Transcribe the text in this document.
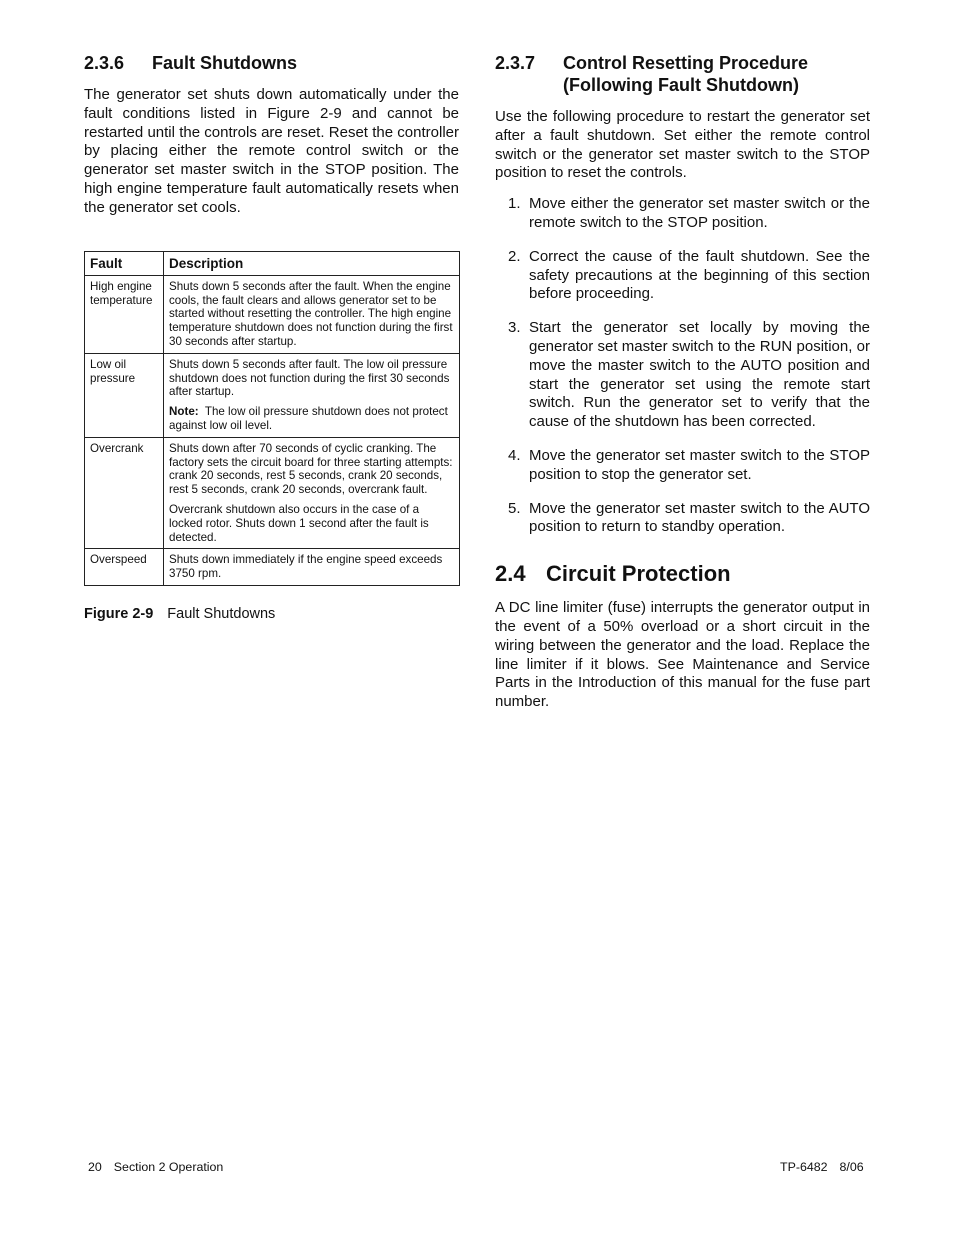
2.3.6	Fault Shutdowns

The generator set shuts down automatically under the fault conditions listed in Figure 2-9 and cannot be restarted until the controls are reset. Reset the controller by placing either the remote control switch or the generator set master switch in the STOP position. The high engine temperature fault automatically resets when the generator set cools.

Fault	Description
High engine temperature	Shuts down 5 seconds after the fault. When the engine cools, the fault clears and allows generator set to be started without resetting the controller. The high engine temperature shutdown does not function during the first 30 seconds after startup.

Low oil pressure	Shuts down 5 seconds after fault. The low oil pressure shutdown does not function during the first 30 seconds after startup.

Note: The low oil pressure shutdown does not protect against low oil level.

Overcrank	Shuts down after 70 seconds of cyclic cranking. The factory sets the circuit board for three starting attempts: crank 20 seconds, rest 5 seconds, crank 20 seconds, rest 5 seconds, crank 20 seconds, overcrank fault.

Overcrank shutdown also occurs in the case of a locked rotor. Shuts down 1 second after the fault is detected.

Overspeed	Shuts down immediately if the engine speed exceeds 3750 rpm.

Figure 2-9 Fault Shutdowns
2.3.7	Control Resetting Procedure
(Following Fault Shutdown)

Use the following procedure to restart the generator set after a fault shutdown. Set either the remote control switch or the generator set master switch to the STOP position to reset the controls.

1. Move either the generator set master switch or the remote switch to the STOP position.
2. Correct the cause of the fault shutdown. See the safety precautions at the beginning of this section before proceeding.
3. Start the generator set locally by moving the generator set master switch to the RUN position, or move the master switch to the AUTO position and start the generator set using the remote start switch. Run the generator set to verify that the cause of the shutdown has been corrected.
4. Move the generator set master switch to the STOP position to stop the generator set.
5. Move the generator set master switch to the AUTO position to return to standby operation.
2.4 Circuit Protection

A DC line limiter (fuse) interrupts the generator output in the event of a 50% overload or a short circuit in the wiring between the generator and the load. Replace the line limiter if it blows. See Maintenance and Service Parts in the Introduction of this manual for the fuse part number.

20 Section 2 Operation	TP-6482 8/06
